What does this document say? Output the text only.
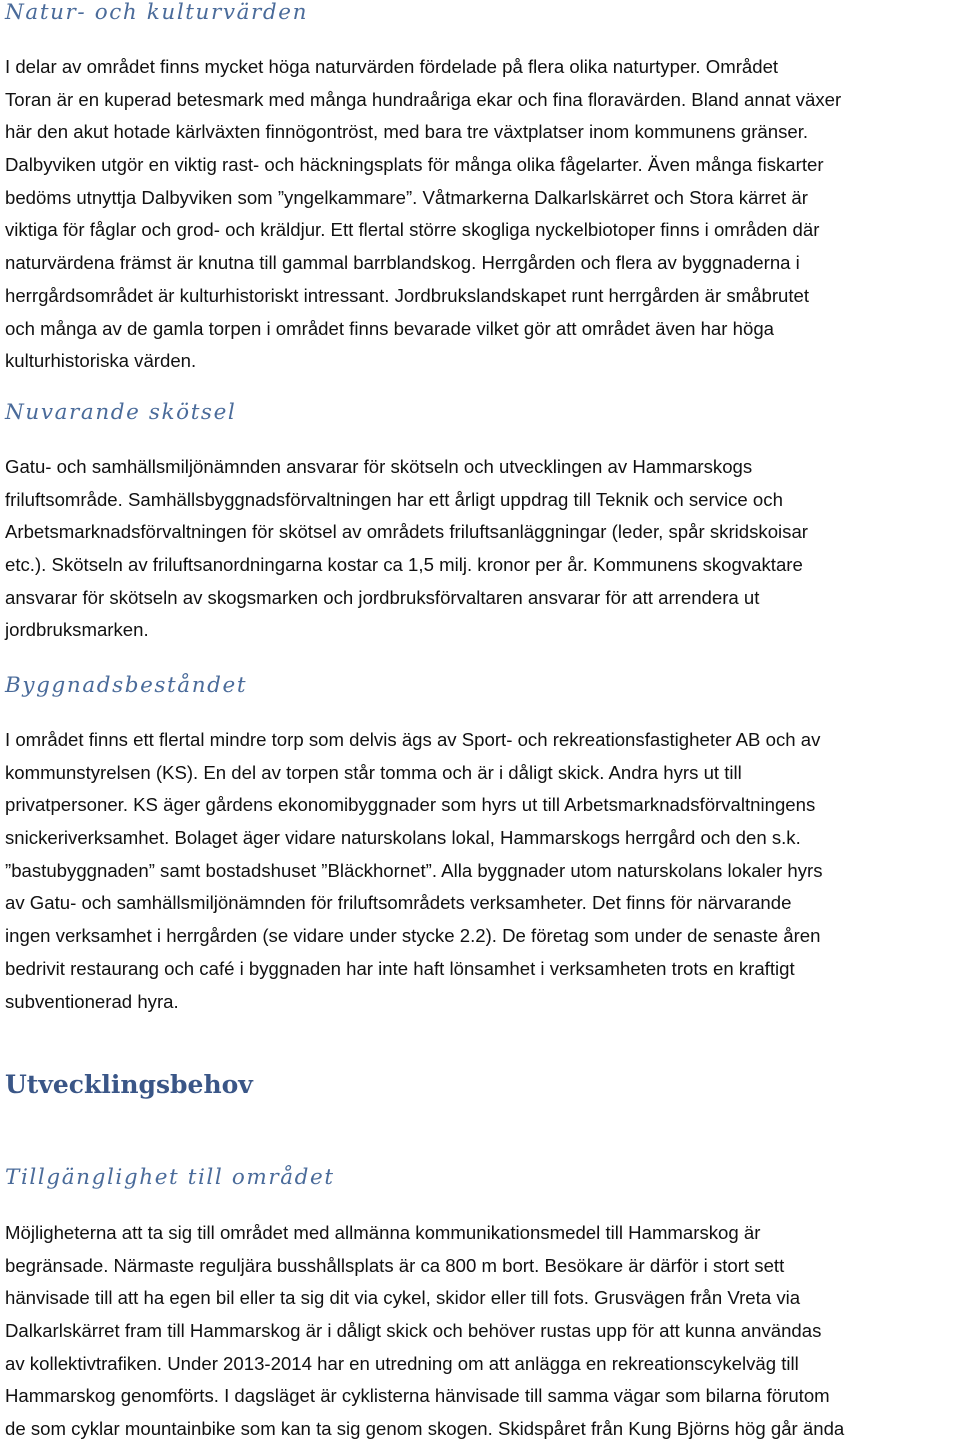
Natur- och kulturvärden
I delar av området finns mycket höga naturvärden fördelade på flera olika naturtyper. Området
Toran är en kuperad betesmark med många hundraåriga ekar och fina floravärden. Bland annat växer
här den akut hotade kärlväxten finnögontröst, med bara tre växtplatser inom kommunens gränser.
Dalbyviken utgör en viktig rast- och häckningsplats för många olika fågelarter. Även många fiskarter
bedöms utnyttja Dalbyviken som ”yngelkammare”. Våtmarkerna Dalkarlskärret och Stora kärret är
viktiga för fåglar och grod- och kräldjur. Ett flertal större skogliga nyckelbiotoper finns i områden där
naturvärdena främst är knutna till gammal barrblandskog. Herrgården och flera av byggnaderna i
herrgårdsområdet är kulturhistoriskt intressant. Jordbrukslandskapet runt herrgården är småbrutet
och många av de gamla torpen i området finns bevarade vilket gör att området även har höga
kulturhistoriska värden.
Nuvarande skötsel
Gatu- och samhällsmiljönämnden ansvarar för skötseln och utvecklingen av Hammarskogs
friluftsområde. Samhällsbyggnadsförvaltningen har ett årligt uppdrag till Teknik och service och
Arbetsmarknadsförvaltningen för skötsel av områdets friluftsanläggningar (leder, spår skridskoisar
etc.). Skötseln av friluftsanordningarna kostar ca 1,5 milj. kronor per år. Kommunens skogvaktare
ansvarar för skötseln av skogsmarken och jordbruksförvaltaren ansvarar för att arrendera ut
jordbruksmarken.
Byggnadsbeståndet
I området finns ett flertal mindre torp som delvis ägs av Sport- och rekreationsfastigheter AB och av
kommunstyrelsen (KS). En del av torpen står tomma och är i dåligt skick. Andra hyrs ut till
privatpersoner. KS äger gårdens ekonomibyggnader som hyrs ut till Arbetsmarknadsförvaltningens
snickeriverksamhet. Bolaget äger vidare naturskolans lokal, Hammarskogs herrgård och den s.k.
”bastubyggnaden” samt bostadshuset ”Bläckhornet”. Alla byggnader utom naturskolans lokaler hyrs
av Gatu- och samhällsmiljönämnden för friluftsområdets verksamheter. Det finns för närvarande
ingen verksamhet i herrgården (se vidare under stycke 2.2). De företag som under de senaste åren
bedrivit restaurang och café i byggnaden har inte haft lönsamhet i verksamheten trots en kraftigt
subventionerad hyra.
Utvecklingsbehov
Tillgänglighet till området
Möjligheterna att ta sig till området med allmänna kommunikationsmedel till Hammarskog är
begränsade. Närmaste reguljära busshållsplats är ca 800 m bort. Besökare är därför i stort sett
hänvisade till att ha egen bil eller ta sig dit via cykel, skidor eller till fots. Grusvägen från Vreta via
Dalkarlskärret fram till Hammarskog är i dåligt skick och behöver rustas upp för att kunna användas
av kollektivtrafiken. Under 2013-2014 har en utredning om att anlägga en rekreationscykelväg till
Hammarskog genomförts. I dagsläget är cyklisterna hänvisade till samma vägar som bilarna förutom
de som cyklar mountainbike som kan ta sig genom skogen. Skidspåret från Kung Björns hög går ända
